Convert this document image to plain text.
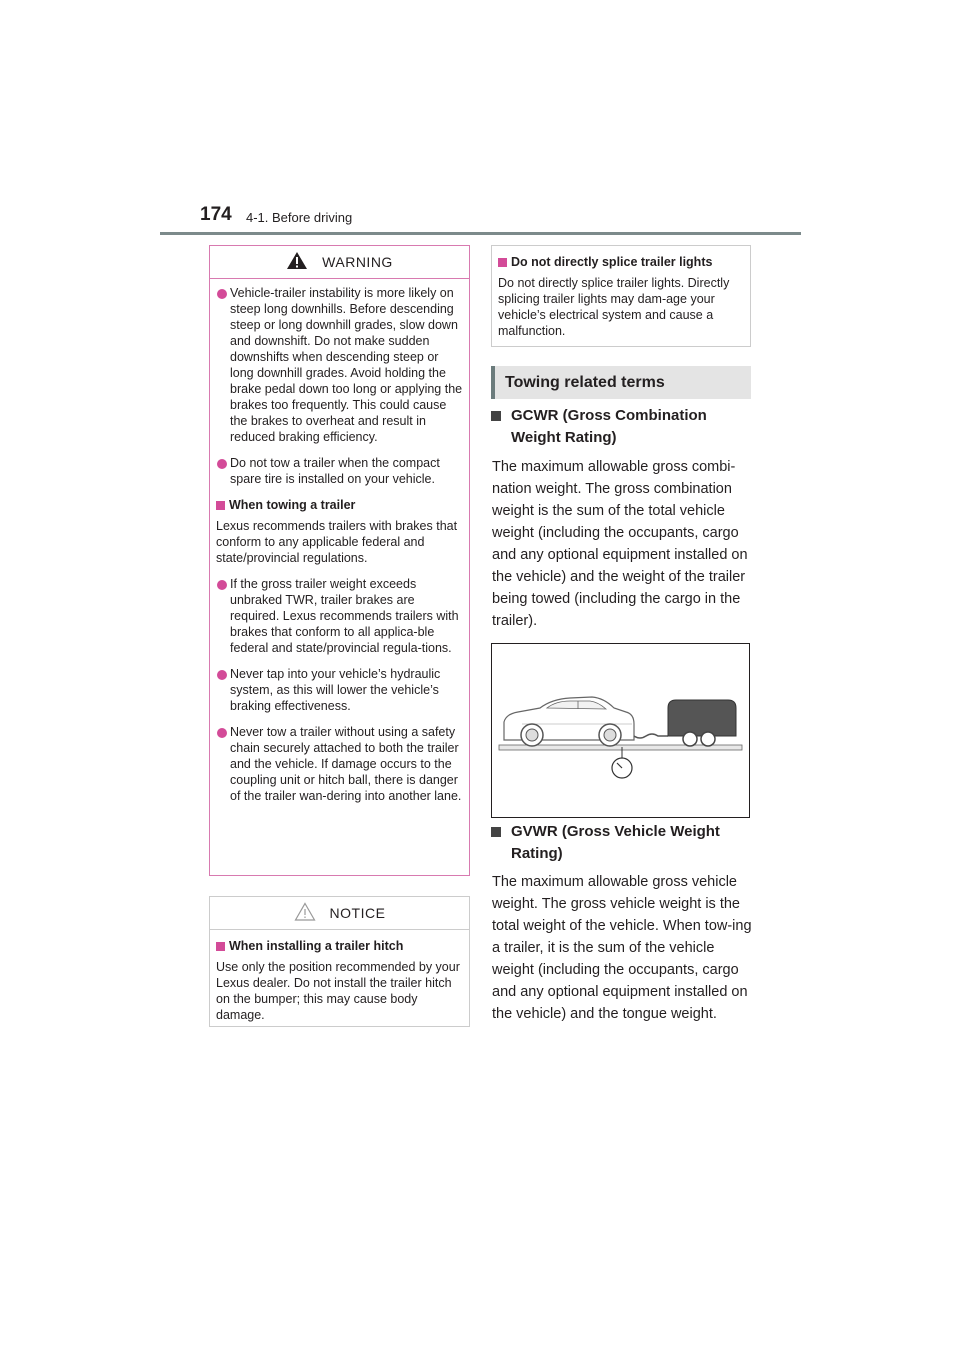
174 4-1. Before driving
WARNING
Vehicle-trailer instability is more likely on steep long downhills. Before descending steep or long downhill grades, slow down and downshift. Do not make sudden downshifts when descending steep or long downhill grades. Avoid holding the brake pedal down too long or applying the brakes too frequently. This could cause the brakes to overheat and result in reduced braking efficiency.
Do not tow a trailer when the compact spare tire is installed on your vehicle.
When towing a trailer
Lexus recommends trailers with brakes that conform to any applicable federal and state/provincial regulations.
If the gross trailer weight exceeds unbraked TWR, trailer brakes are required. Lexus recommends trailers with brakes that conform to all applica-ble federal and state/provincial regula-tions.
Never tap into your vehicle’s hydraulic system, as this will lower the vehicle’s braking effectiveness.
Never tow a trailer without using a safety chain securely attached to both the trailer and the vehicle. If damage occurs to the coupling unit or hitch ball, there is danger of the trailer wan-dering into another lane.
NOTICE
When installing a trailer hitch
Use only the position recommended by your Lexus dealer. Do not install the trailer hitch on the bumper; this may cause body damage.
Do not directly splice trailer lights
Do not directly splice trailer lights. Directly splicing trailer lights may dam-age your vehicle’s electrical system and cause a malfunction.
Towing related terms
GCWR (Gross Combination
Weight Rating)
The maximum allowable gross combi-nation weight. The gross combination weight is the sum of the total vehicle weight (including the occupants, cargo and any optional equipment installed on the vehicle) and the weight of the trailer being towed (including the cargo in the trailer).
GVWR (Gross Vehicle Weight
Rating)
The maximum allowable gross vehicle weight. The gross vehicle weight is the total weight of the vehicle. When tow-ing a trailer, it is the sum of the vehicle weight (including the occupants, cargo and any optional equipment installed on the vehicle) and the tongue weight.
